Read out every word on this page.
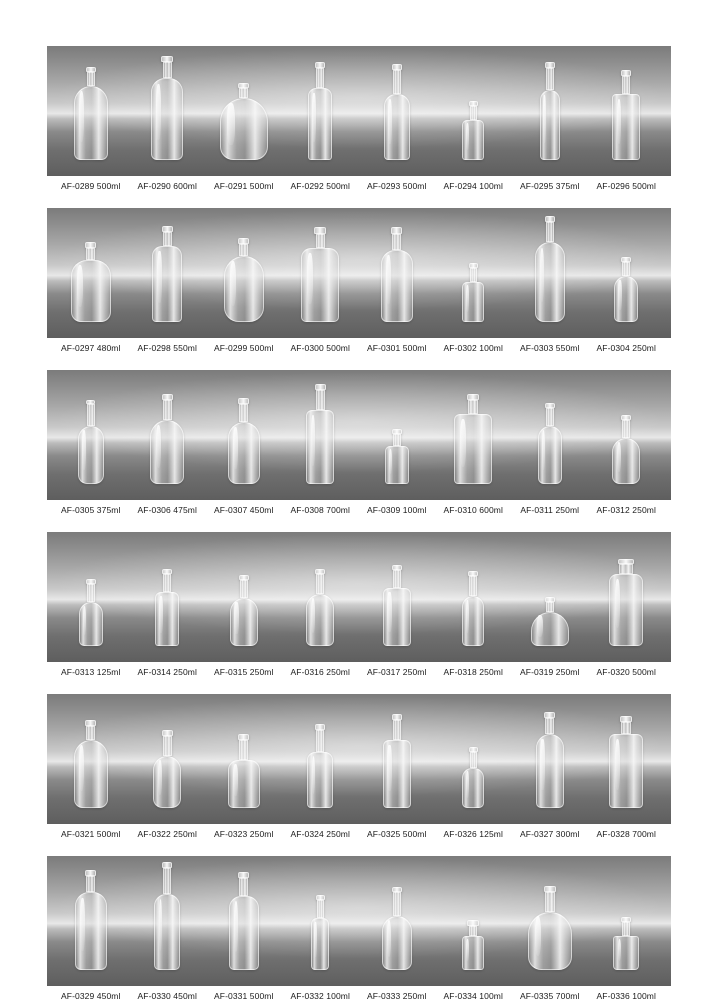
AF-0289 500ml	AF-0290 600ml	AF-0291 500ml	AF-0292 500ml	AF-0293 500ml	AF-0294 100ml	AF-0295 375ml	AF-0296 500ml
AF-0297 480ml	AF-0298 550ml	AF-0299 500ml	AF-0300 500ml	AF-0301 500ml	AF-0302 100ml	AF-0303 550ml	AF-0304 250ml
AF-0305 375ml	AF-0306 475ml	AF-0307 450ml	AF-0308 700ml	AF-0309 100ml	AF-0310 600ml	AF-0311 250ml	AF-0312 250ml
AF-0313 125ml	AF-0314 250ml	AF-0315 250ml	AF-0316 250ml	AF-0317 250ml	AF-0318 250ml	AF-0319 250ml	AF-0320 500ml
AF-0321 500ml	AF-0322 250ml	AF-0323 250ml	AF-0324 250ml	AF-0325 500ml	AF-0326 125ml	AF-0327 300ml	AF-0328 700ml
AF-0329 450ml	AF-0330 450ml	AF-0331 500ml	AF-0332 100ml	AF-0333 250ml	AF-0334 100ml	AF-0335 700ml	AF-0336 100ml
